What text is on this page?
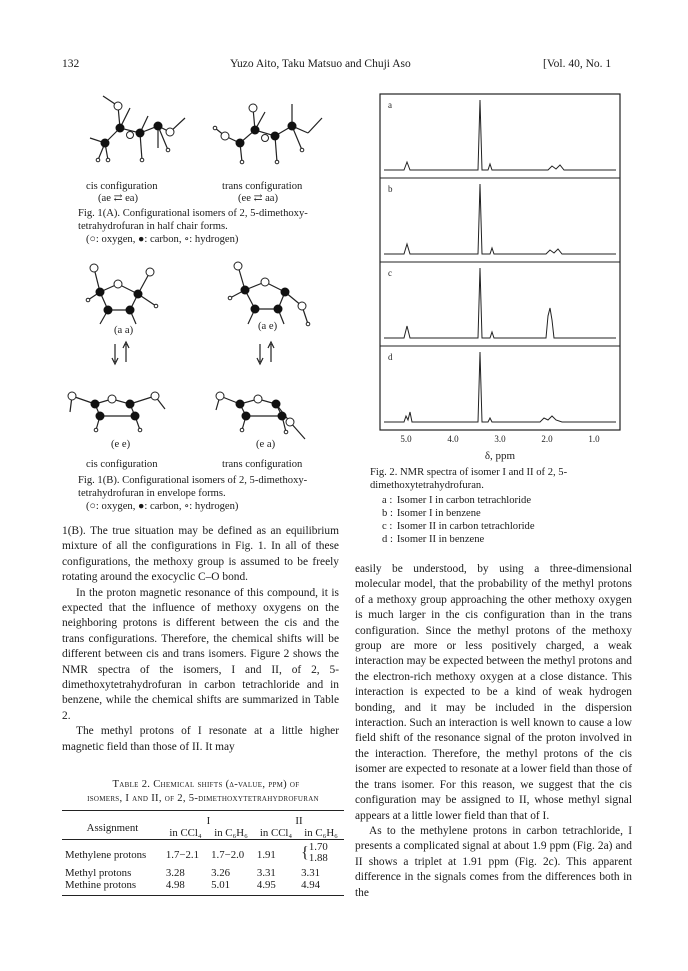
132	Yuzo Aito, Taku Matsuo and Chuji Aso	[Vol. 40, No. 1
cis configuration
(ae ⇄ ea)
trans configuration
(ee ⇄ aa)
Fig. 1(A). Configurational isomers of 2, 5-dimethoxy-tetrahydrofuran in half chair forms.
(○: oxygen, ●: carbon, ∘: hydrogen)
(a a)	(a e)
(e e)	(e a)
cis configuration	trans configuration
Fig. 1(B). Configurational isomers of 2, 5-dimethoxy-tetrahydrofuran in envelope forms.
(○: oxygen, ●: carbon, ∘: hydrogen)

1(B). The true situation may be defined as an equilibrium mixture of all the configurations in Fig. 1. In all of these configurations, the methoxy group is assumed to be freely rotating around the exocyclic C–O bond.

In the proton magnetic resonance of this compound, it is expected that the influence of methoxy oxygens on the neighboring protons is different between the cis and the trans configurations. Therefore, the chemical shifts will be different between cis and trans isomers. Figure 2 shows the NMR spectra of the isomers, I and II, of 2, 5-dimethoxytetrahydrofuran in carbon tetrachloride and in benzene, while the chemical shifts are summarized in Table 2.

The methyl protons of I resonate at a little higher magnetic field than those of II. It may

Table 2. Chemical shifts (δ-value, ppm) of
isomers, I and II, of 2, 5-dimethoxytetrahydrofuran
Assignment	I		II	
	in CCl₄	in C₆H₆	in CCl₄	in C₆H₆
Methylene protons	1.7−2.1	1.7−2.0	1.91	{1.70
1.88
Methyl protons	3.28	3.26	3.31	3.31
Methine protons	4.98	5.01	4.95	4.94
a
b
c
d
5.0	4.0	3.0	2.0	1.0
δ, ppm
Fig. 2. NMR spectra of isomer I and II of 2, 5-dimethoxytetrahydrofuran.
a :	Isomer I in carbon tetrachloride
b :	Isomer I in benzene
c :	Isomer II in carbon tetrachloride
d :	Isomer II in benzene

easily be understood, by using a three-dimensional molecular model, that the probability of the methyl protons of a methoxy group approaching the other methoxy oxygen is much larger in the cis configuration than in the trans configuration. Since the methyl protons of the methoxy group are more or less positively charged, a weak interaction may be expected between the methyl protons and the electron-rich methoxy oxygen at a close distance. This interaction is expected to be a kind of weak hydrogen bonding, and it may be included in the dispersion interaction. Such an interaction is well known to cause a low field shift of the resonance signal of the proton involved in the interaction. Therefore, the methyl protons of the cis isomer are expected to resonate at a lower field than those of the trans isomer. For this reason, we suggest that the cis configuration may be assigned to II, whose methyl signal appears at a little lower field than that of I.

As to the methylene protons in carbon tetrachloride, I presents a complicated signal at about 1.9 ppm (Fig. 2a) and II shows a triplet at 1.91 ppm (Fig. 2c). This apparent difference in the signals comes from the differences both in the
